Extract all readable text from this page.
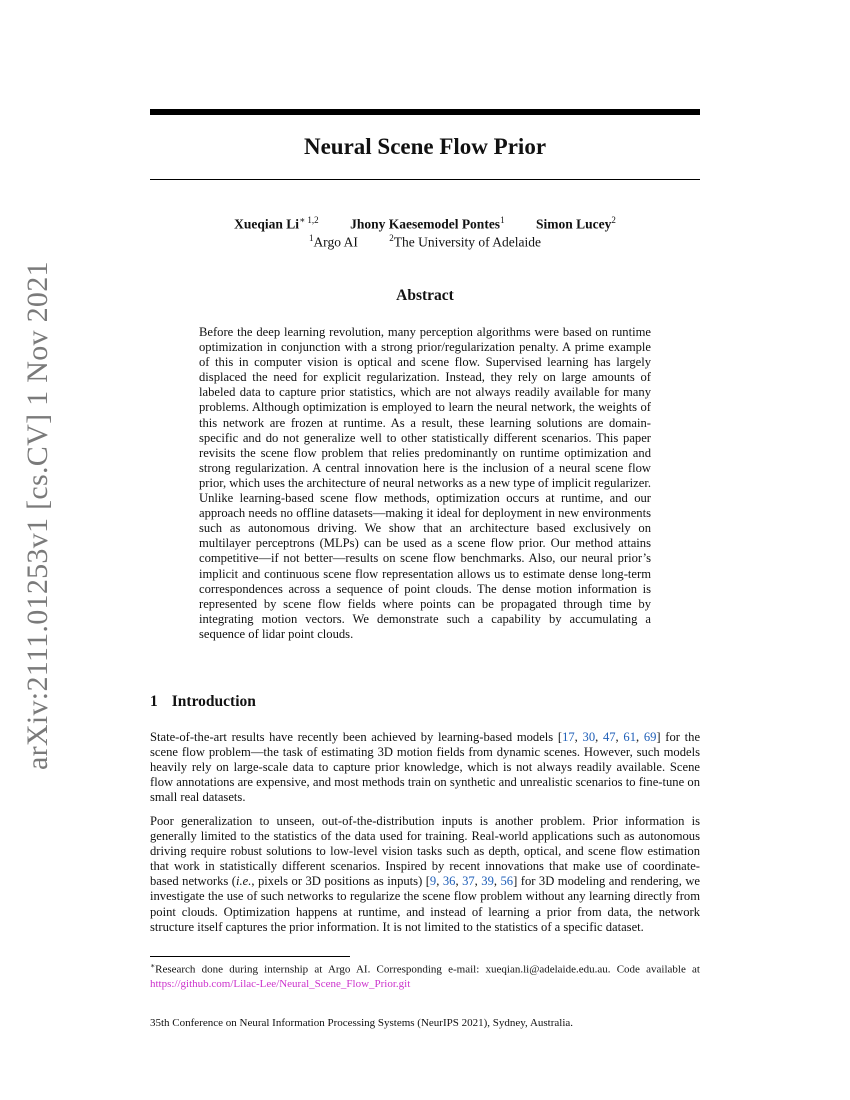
arXiv:2111.01253v1 [cs.CV] 1 Nov 2021
Neural Scene Flow Prior
Xueqian $Li^{∗ 1,2}$ Jhony Kaesemodel Pontes$^1$ Simon Lucey$^2$
$^1$Argo AI	$^2$The University of Adelaide
Abstract

Before the deep learning revolution, many perception algorithms were based on runtime optimization in conjunction with a strong prior/regularization penalty. A prime example of this in computer vision is optical and scene flow. Supervised learning has largely displaced the need for explicit regularization. Instead, they rely on large amounts of labeled data to capture prior statistics, which are not always readily available for many problems. Although optimization is employed to learn the neural network, the weights of this network are frozen at runtime. As a result, these learning solutions are domain-specific and do not generalize well to other statistically different scenarios. This paper revisits the scene flow problem that relies predominantly on runtime optimization and strong regularization. A central innovation here is the inclusion of a neural scene flow prior, which uses the architecture of neural networks as a new type of implicit regularizer. Unlike learning-based scene flow methods, optimization occurs at runtime, and our approach needs no offline datasets—making it ideal for deployment in new environments such as autonomous driving. We show that an architecture based exclusively on multilayer perceptrons (MLPs) can be used as a scene flow prior. Our method attains competitive—if not better—results on scene flow benchmarks. Also, our neural prior’s implicit and continuous scene flow representation allows us to estimate dense long-term correspondences across a sequence of point clouds. The dense motion information is represented by scene flow fields where points can be propagated through time by integrating motion vectors. We demonstrate such a capability by accumulating a sequence of lidar point clouds.

1 Introduction

State-of-the-art results have recently been achieved by learning-based models [17, 30, 47, 61, 69] for the scene flow problem—the task of estimating 3D motion fields from dynamic scenes. However, such models heavily rely on large-scale data to capture prior knowledge, which is not always readily available. Scene flow annotations are expensive, and most methods train on synthetic and unrealistic scenarios to fine-tune on small real datasets.

Poor generalization to unseen, out-of-the-distribution inputs is another problem. Prior information is generally limited to the statistics of the data used for training. Real-world applications such as autonomous driving require robust solutions to low-level vision tasks such as depth, optical, and scene flow estimation that work in statistically different scenarios. Inspired by recent innovations that make use of coordinate-based networks (i.e., pixels or 3D positions as inputs) [9, 36, 37, 39, 56] for 3D modeling and rendering, we investigate the use of such networks to regularize the scene flow problem without any learning directly from point clouds. Optimization happens at runtime, and instead of learning a prior from data, the network structure itself captures the prior information. It is not limited to the statistics of a specific dataset.

∗Research done during internship at Argo AI. Corresponding e-mail: xueqian.li@adelaide.edu.au. Code available at https://github.com/Lilac-Lee/Neural_Scene_Flow_Prior.git

35th Conference on Neural Information Processing Systems (NeurIPS 2021), Sydney, Australia.
